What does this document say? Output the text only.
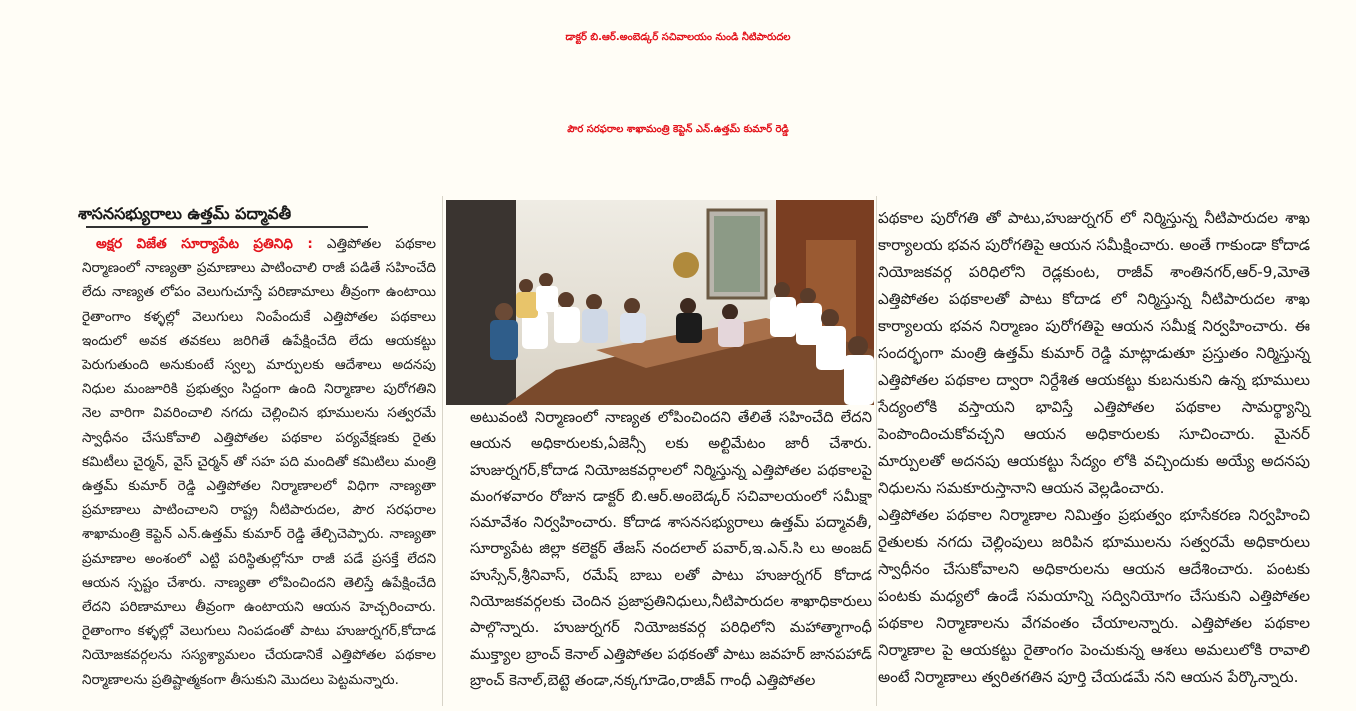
డాక్టర్ బి.ఆర్.అంబెడ్కర్ సచివాలయం నుండి నీటిపారుదల
పౌర సరఫరాల శాఖామంత్రి కెప్టెన్ ఎన్.ఉత్తమ్ కుమార్ రెడ్డి
శాసనసభ్యురాలు ఉత్తమ్ పద్మావతీ

అక్షర విజేత సూర్యాపేట ప్రతినిధి : ఎత్తిపోతల పథకాల నిర్మాణంలో నాణ్యతా ప్రమాణాలు పాటించాలి రాజీ పడితే సహించేది లేదు నాణ్యత లోపం వెలుగుచూస్తే పరిణామాలు తీవ్రంగా ఉంటాయి రైతాంగాం కళ్ళల్లో వెలుగులు నింపేందుకే ఎత్తిపోతల పథకాలు ఇందులో అవక తవకలు జరిగితే ఉపేక్షించేది లేదు ఆయకట్టు పెరుగుతుంది అనుకుంటే స్వల్ప మార్పులకు ఆదేశాలు అదనపు నిధుల మంజూరికి ప్రభుత్వం సిద్దంగా ఉంది నిర్మాణాల పురోగతిని నెల వారిగా వివరించాలి నగదు చెల్లించిన భూములను సత్వరమే స్వాధీనం చేసుకోవాలి ఎత్తిపోతల పథకాల పర్యవేక్షణకు రైతు కమిటీలు చైర్మన్, వైస్ చైర్మన్ తో సహ పది మందితో కమిటిలు మంత్రి ఉత్తమ్ కుమార్ రెడ్డి ఎత్తిపోతల నిర్మాణాలలో విధిగా నాణ్యతా ప్రమాణాలు పాటించాలని రాష్ట్ర నీటిపారుదల, పౌర సరఫరాల శాఖామంత్రి కెప్టెన్ ఎన్.ఉత్తమ్ కుమార్ రెడ్డి తేల్చిచెప్పారు. నాణ్యతా ప్రమాణాల అంశంలో ఎట్టి పరిస్థితుల్లోనూ రాజీ పడే ప్రసక్తే లేదని ఆయన స్పష్టం చేశారు. నాణ్యతా లోపించిందని తెలిస్తే ఉపేక్షించేది లేదని పరిణామాలు తీవ్రంగా ఉంటాయని ఆయన హెచ్చరించారు. రైతాంగాం కళ్ళల్లో వెలుగులు నింపడంతో పాటు హుజుర్నగర్,కోదాడ నియోజకవర్గలను సస్యశ్యామలం చేయడానికే ఎత్తిపోతల పథకాల నిర్మాణాలను ప్రతిష్టాత్మకంగా తీసుకుని మొదలు పెట్టమన్నారు.

అటువంటి నిర్మాణంలో నాణ్యత లోపించిందని తేలితే సహించేది లేదని ఆయన అధికారులకు,ఏజెన్సీ లకు అల్టిమేటం జారీ చేశారు. హుజుర్నగర్,కోదాడ నియోజకవర్గాలలో నిర్మిస్తున్న ఎత్తిపోతల పథకాలపై మంగళవారం రోజున డాక్టర్ బి.ఆర్.అంబెడ్కర్ సచివాలయంలో సమీక్షా సమావేశం నిర్వహించారు. కోదాడ శాసనసభ్యురాలు ఉత్తమ్ పద్మావతీ, సూర్యాపేట జిల్లా కలెక్టర్ తేజస్ నందలాల్ పవార్,ఇ.ఎన్.సి లు అంజద్ హుస్సేన్,శ్రీనివాస్, రమేష్ బాబు లతో పాటు హుజుర్నగర్ కోదాడ నియోజకవర్గలకు చెందిన ప్రజాప్రతినిధులు,నీటిపారుదల శాఖాధికారులు పాల్గొన్నారు. హుజుర్నగర్ నియోజకవర్గ పరిధిలోని మహాత్మాగాంధీ ముక్త్యాల బ్రాంచ్ కెనాల్ ఎత్తిపోతల పథకంతో పాటు జవహర్ జానపహాడ్ బ్రాంచ్ కెనాల్,బెట్టె తండా,నక్కగూడెం,రాజీవ్ గాంధీ ఎత్తిపోతల

పథకాల పురోగతి తో పాటు,హుజుర్నగర్ లో నిర్మిస్తున్న నీటిపారుదల శాఖ కార్యాలయ భవన పురోగతిపై ఆయన సమీక్షించారు. అంతే గాకుండా కోదాడ నియోజకవర్గ పరిధిలోని రెడ్లకుంట, రాజీవ్ శాంతినగర్,ఆర్-9,మోతె ఎత్తిపోతల పథకాలతో పాటు కోదాడ లో నిర్మిస్తున్న నీటిపారుదల శాఖ కార్యాలయ భవన నిర్మాణం పురోగతిపై ఆయన సమీక్ష నిర్వహించారు. ఈ సందర్భంగా మంత్రి ఉత్తమ్ కుమార్ రెడ్డి మాట్లాడుతూ ప్రస్తుతం నిర్మిస్తున్న ఎత్తిపోతల పథకాల ద్వారా నిర్దేశిత ఆయకట్టు కుబనుకుని ఉన్న భూములు సేద్యంలోకి వస్తాయని భావిస్తే ఎత్తిపోతల పథకాల సామర్థ్యాన్ని పెంపొందించుకోవచ్చని ఆయన అధికారులకు సూచించారు. మైనర్ మార్పులతో అదనపు ఆయకట్టు సేద్యం లోకి వచ్చిందుకు అయ్యే అదనపు నిధులను సమకూరుస్తానాని ఆయన వెల్లడించారు.

ఎత్తిపోతల పథకాల నిర్మాణాల నిమిత్తం ప్రభుత్వం భూసేకరణ నిర్వహించి రైతులకు నగదు చెల్లింపులు జరిపిన భూములను సత్వరమే అధికారులు స్వాధీనం చేసుకోవాలని అధికారులను ఆయన ఆదేశించారు. పంటకు పంటకు మధ్యలో ఉండే సమయాన్ని సద్వినియోగం చేసుకుని ఎత్తిపోతల పథకాల నిర్మాణాలను వేగవంతం చేయాలన్నారు. ఎత్తిపోతల పథకాల నిర్మాణాల పై ఆయకట్టు రైతాంగం పెంచుకున్న ఆశలు అమలులోకి రావాలి అంటే నిర్మాణాలు త్వరితగతిన పూర్తి చేయడమే నని ఆయన పేర్కొన్నారు.
